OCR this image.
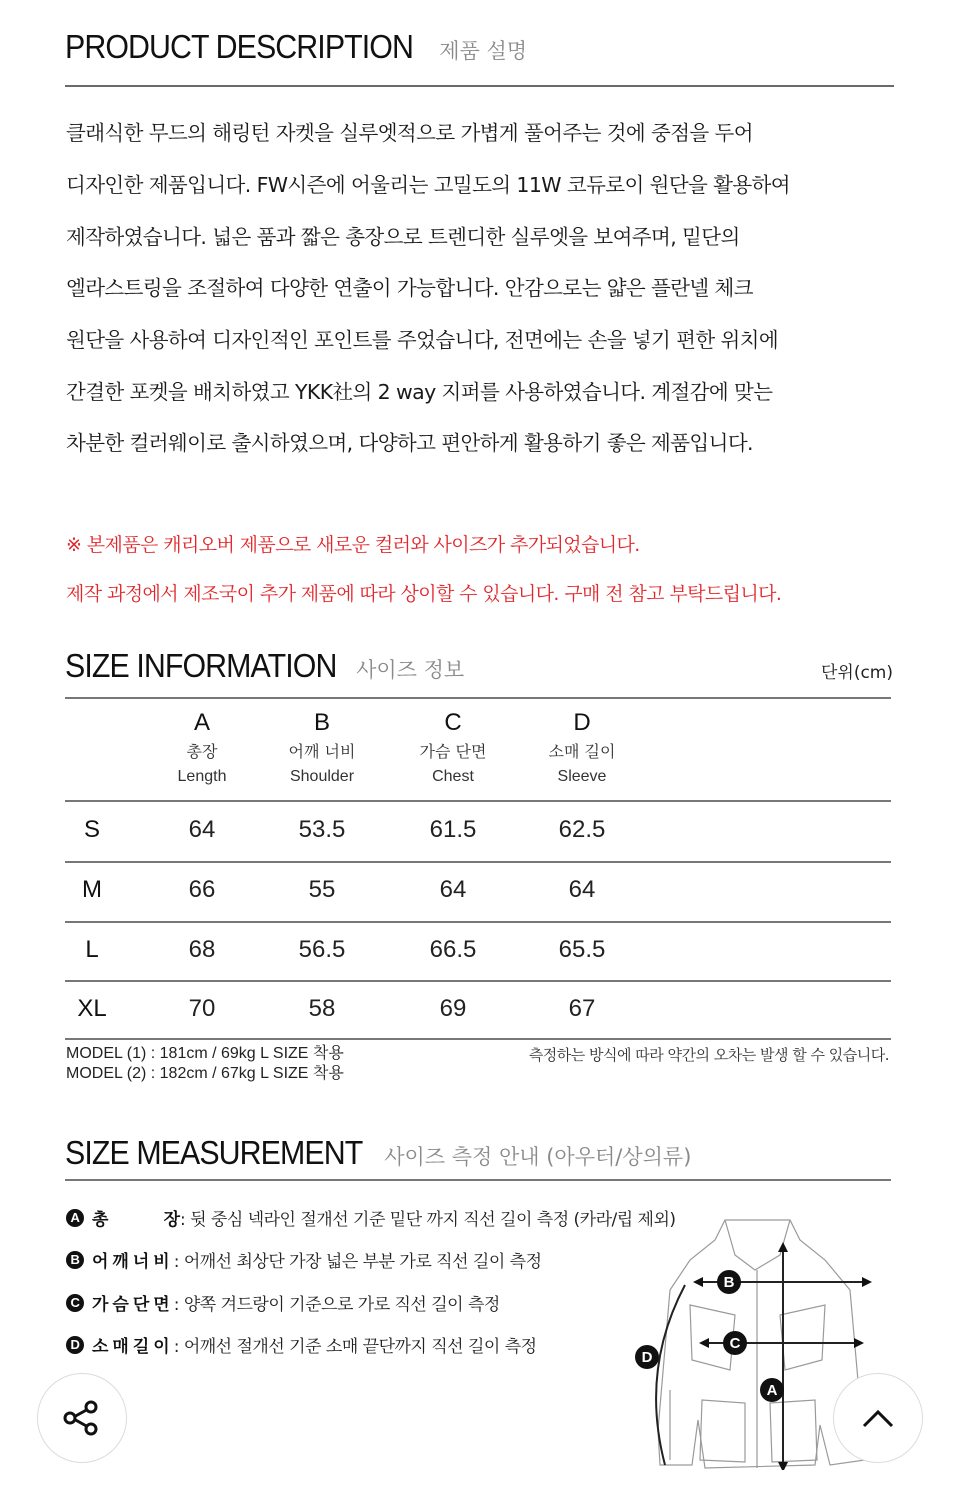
PRODUCT DESCRIPTION 제품 설명

클래식한 무드의 해링턴 자켓을 실루엣적으로 가볍게 풀어주는 것에 중점을 두어

디자인한 제품입니다. FW시즌에 어울리는 고밀도의 11W 코듀로이 원단을 활용하여

제작하였습니다. 넓은 품과 짧은 총장으로 트렌디한 실루엣을 보여주며, 밑단의

엘라스트링을 조절하여 다양한 연출이 가능합니다. 안감으로는 얇은 플란넬 체크

원단을 사용하여 디자인적인 포인트를 주었습니다, 전면에는 손을 넣기 편한 위치에

간결한 포켓을 배치하였고 YKK社의 2 way 지퍼를 사용하였습니다. 계절감에 맞는

차분한 컬러웨이로 출시하였으며, 다양하고 편안하게 활용하기 좋은 제품입니다.

※ 본제품은 캐리오버 제품으로 새로운 컬러와 사이즈가 추가되었습니다.

제작 과정에서 제조국이 추가 제품에 따라 상이할 수 있습니다. 구매 전 참고 부탁드립니다.

SIZE INFORMATION 사이즈 정보	단위(cm)
A
총장
Length
B
어깨 너비
Shoulder
C
가슴 단면
Chest
D
소매 길이
Sleeve
S	64	53.5	61.5	62.5
M	66	55	64	64
L	68	56.5	66.5	65.5
XL	70	58	69	67
MODEL (1) : 181cm / 69kg L SIZE 착용
MODEL (2) : 182cm / 67kg L SIZE 착용
측정하는 방식에 따라 약간의 오차는 발생 할 수 있습니다.
SIZE MEASUREMENT 사이즈 측정 안내 (아우터/상의류)

A 총	장 : 뒷 중심 넥라인 절개선 기준 밑단 까지 직선 길이 측정 (카라/립 제외)

B 어깨너비 : 어깨선 최상단 가장 넓은 부분 가로 직선 길이 측정

C 가슴단면 : 양쪽 겨드랑이 기준으로 가로 직선 길이 측정

D 소매길이 : 어깨선 절개선 기준 소매 끝단까지 직선 길이 측정

B
C
D
A
